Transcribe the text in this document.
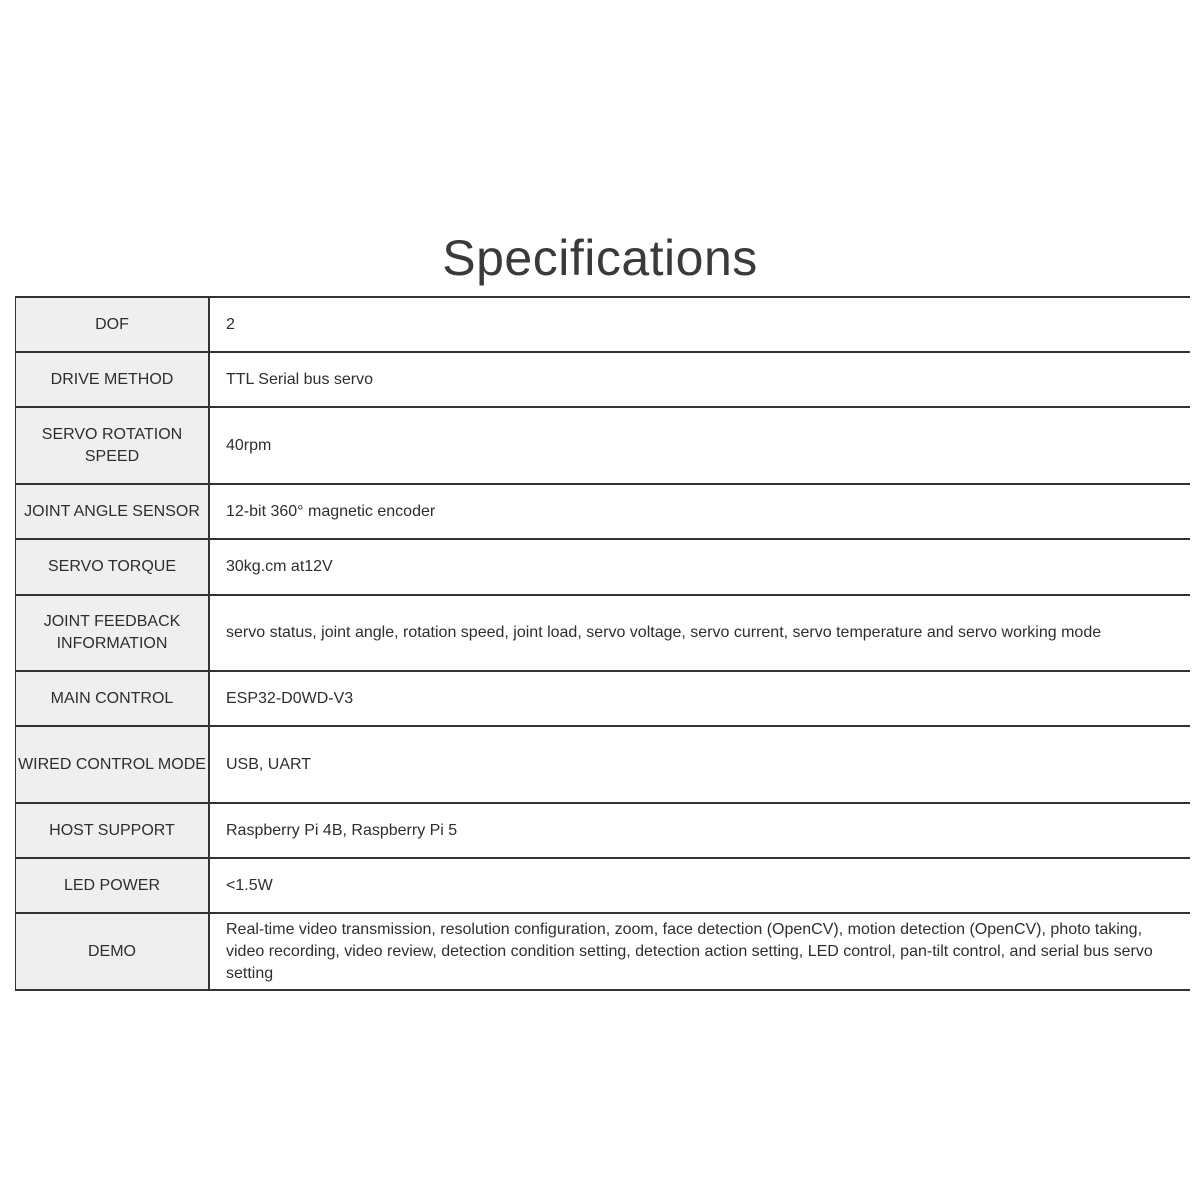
Specifications
DOF	2
DRIVE METHOD	TTL Serial bus servo
SERVO ROTATION SPEED	40rpm
JOINT ANGLE SENSOR	12-bit 360° magnetic encoder
SERVO TORQUE	30kg.cm at12V
JOINT FEEDBACK INFORMATION	servo status, joint angle, rotation speed, joint load, servo voltage, servo current, servo temperature and servo working mode
MAIN CONTROL	ESP32-D0WD-V3
WIRED CONTROL MODE	USB, UART
HOST SUPPORT	Raspberry Pi 4B, Raspberry Pi 5
LED POWER	<1.5W
DEMO	Real-time video transmission, resolution configuration, zoom, face detection (OpenCV), motion detection (OpenCV), photo taking, video recording, video review, detection condition setting, detection action setting, LED control, pan-tilt control, and serial bus servo setting
